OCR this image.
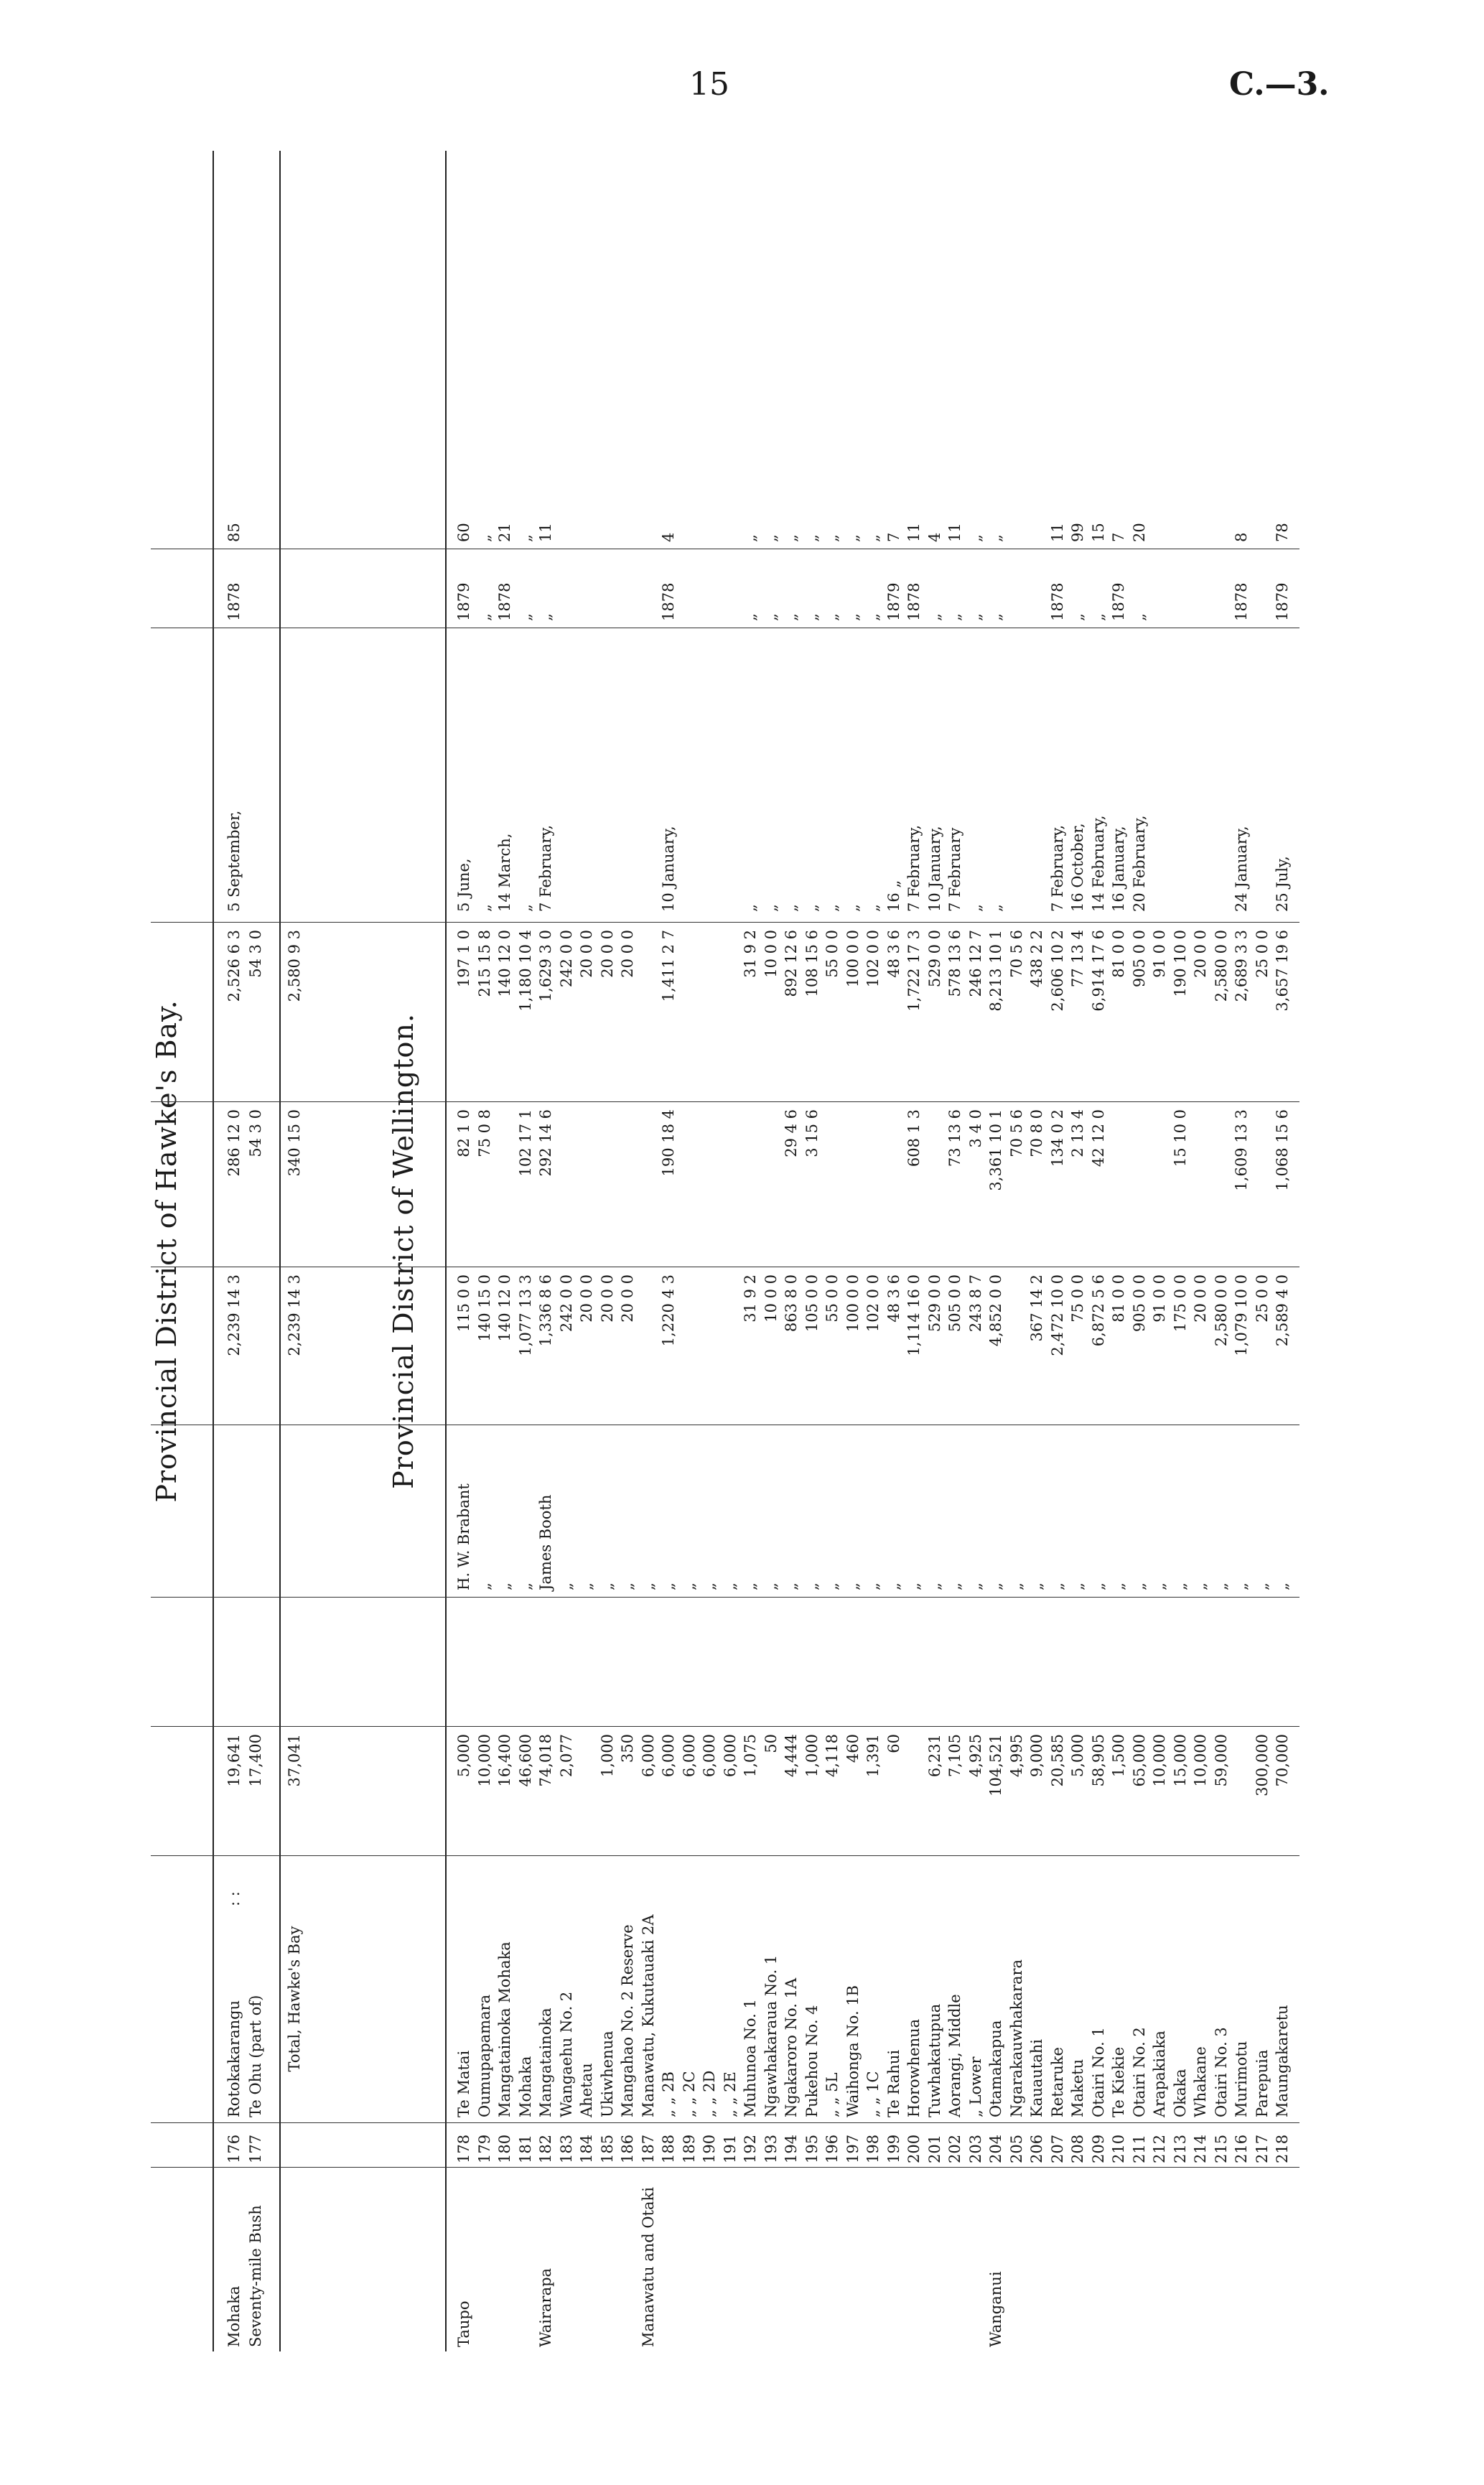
15	C.—3.
Provincial District of Hawke's Bay.
Mohaka
176
Rotokakarangu
: :
19,641
2,239 14 3
286 12 0
2,526 6 3
5 September,
1878
85
Seventy-mile Bush
177
Te Ohu (part of)
17,400
54 3 0
54 3 0
Total, Hawke's Bay
37,041
2,239 14 3
340 15 0
2,580 9 3
Provincial District of Wellington.
Taupo
178
Te Matai
5,000
H. W. Brabant
115 0 0
82 1 0
197 1 0
5 June,
1879
60
179
Oumupapamara
10,000
„
140 15 0
75 0 8
215 15 8
„
„
„
180
Mangatainoka Mohaka
16,400
„
140 12 0
140 12 0
14 March,
1878
21
181
Mohaka
46,600
„
1,077 13 3
102 17 1
1,180 10 4
„
„
„
Wairarapa
182
Mangatainoka
74,018
James Booth
1,336 8 6
292 14 6
1,629 3 0
7 February,
„
11
183
Wangaehu No. 2
2,077
„
242 0 0
242 0 0
184
Ahetau
„
20 0 0
20 0 0
185
Ukiwhenua
1,000
„
20 0 0
20 0 0
186
Mangahao No. 2 Reserve
350
„
20 0 0
20 0 0
Manawatu and Otaki
187
Manawatu, Kukutauaki 2A
6,000
„
188
„ „ 2B
6,000
„
1,220 4 3
190 18 4
1,411 2 7
10 January,
1878
4
189
„ „ 2C
6,000
„
190
„ „ 2D
6,000
„
191
„ „ 2E
6,000
„
192
Muhunoa No. 1
1,075
„
31 9 2
31 9 2
„
„
„
193
Ngawhakaraua No. 1
50
„
10 0 0
10 0 0
„
„
„
194
Ngakaroro No. 1A
4,444
„
863 8 0
29 4 6
892 12 6
„
„
„
195
Pukehou No. 4
1,000
„
105 0 0
3 15 6
108 15 6
„
„
„
196
„ „ 5L
4,118
„
55 0 0
55 0 0
„
„
„
197
Waihonga No. 1B
460
„
100 0 0
100 0 0
„
„
„
198
„ „ 1C
1,391
„
102 0 0
102 0 0
„
„
„
199
Te Rahui
60
„
48 3 6
48 3 6
16 „
1879
7
200
Horowhenua
„
1,114 16 0
608 1 3
1,722 17 3
7 February,
1878
11
201
Tuwhakatupua
6,231
„
529 0 0
529 0 0
10 January,
„
4
202
Aorangi, Middle
7,105
„
505 0 0
73 13 6
578 13 6
7 February
„
11
203
„ Lower
4,925
„
243 8 7
3 4 0
246 12 7
„
„
„
Wanganui
204
Otamakapua
104,521
„
4,852 0 0
3,361 10 1
8,213 10 1
„
„
„
205
Ngarakauwhakarara
4,995
„
70 5 6
70 5 6
206
Kauautahi
9,000
„
367 14 2
70 8 0
438 2 2
207
Retaruke
20,585
„
2,472 10 0
134 0 2
2,606 10 2
7 February,
1878
11
208
Maketu
5,000
„
75 0 0
2 13 4
77 13 4
16 October,
„
99
209
Otairi No. 1
58,905
„
6,872 5 6
42 12 0
6,914 17 6
14 February,
„
15
210
Te Kiekie
1,500
„
81 0 0
81 0 0
16 January,
1879
7
211
Otairi No. 2
65,000
„
905 0 0
905 0 0
20 February,
„
20
212
Arapakiaka
10,000
„
91 0 0
91 0 0
213
Okaka
15,000
„
175 0 0
15 10 0
190 10 0
214
Whakane
10,000
„
20 0 0
20 0 0
215
Otairi No. 3
59,000
„
2,580 0 0
2,580 0 0
216
Murimotu
„
1,079 10 0
1,609 13 3
2,689 3 3
24 January,
1878
8
217
Parepuia
300,000
„
25 0 0
25 0 0
218
Maungakaretu
70,000
„
2,589 4 0
1,068 15 6
3,657 19 6
25 July,
1879
78
